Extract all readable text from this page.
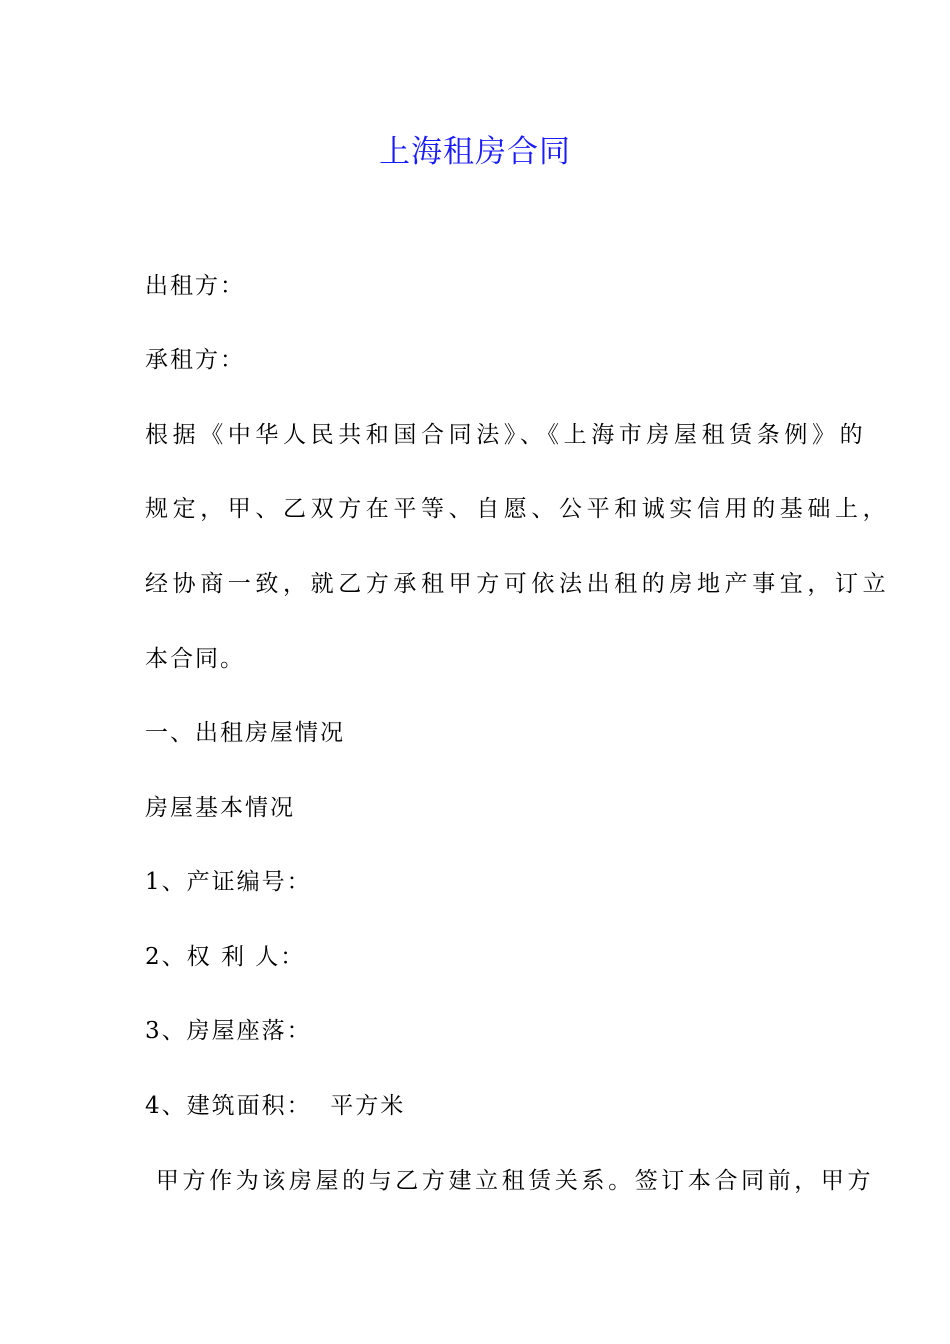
上海租房合同
出租方：
承租方：
根据《中华人民共和国合同法》、《上海市房屋租赁条例》的
规定，甲、乙双方在平等、自愿、公平和诚实信用的基础上，
经协商一致，就乙方承租甲方可依法出租的房地产事宜，订立
本合同。
一、出租房屋情况
房屋基本情况
1、产证编号：
2、权 利 人：
3、房屋座落：
4、建筑面积：  平方米
甲方作为该房屋的与乙方建立租赁关系。签订本合同前，甲方
